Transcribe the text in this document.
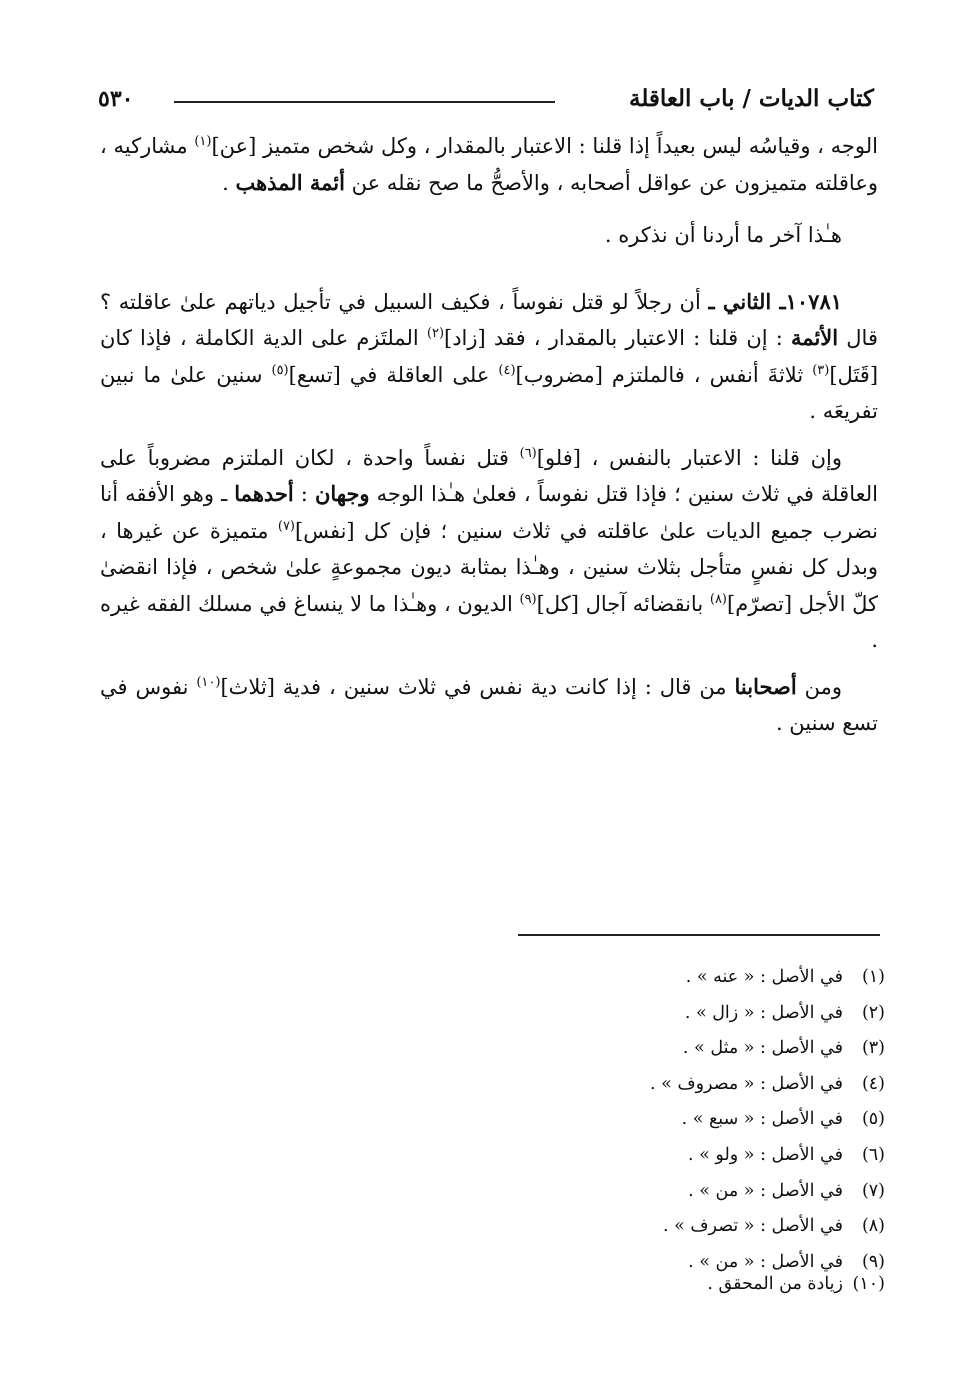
كتاب الديات / باب العاقلة
٥٣٠

الوجه ، وقياسُه ليس بعيداً إذا قلنا : الاعتبار بالمقدار ، وكل شخص متميز [عن]$^{(١)}$ مشاركيه ، وعاقلته متميزون عن عواقل أصحابه ، والأصحُّ ما صح نقله عن أئمة المذهب .

هـٰذا آخر ما أردنا أن نذكره .

١٠٧٨١ـ الثاني ـ أن رجلاً لو قتل نفوساً ، فكيف السبيل في تأجيل دياتهم علىٰ عاقلته ؟ قال الأئمة : إن قلنا : الاعتبار بالمقدار ، فقد [زاد]$^{(٢)}$ الملتَزم على الدية الكاملة ، فإذا كان [قَتَل]$^{(٣)}$ ثلاثةَ أنفس ، فالملتزم [مضروب]$^{(٤)}$ على العاقلة في [تسع]$^{(٥)}$ سنين علىٰ ما نبين تفريعَه .

وإن قلنا : الاعتبار بالنفس ، [فلو]$^{(٦)}$ قتل نفساً واحدة ، لكان الملتزم مضروباً على العاقلة في ثلاث سنين ؛ فإذا قتل نفوساً ، فعلىٰ هـٰذا الوجه وجهان : أحدهما ـ وهو الأفقه أنا نضرب جميع الديات علىٰ عاقلته في ثلاث سنين ؛ فإن كل [نفس]$^{(٧)}$ متميزة عن غيرها ، وبدل كل نفسٍ متأجل بثلاث سنين ، وهـٰذا بمثابة ديون مجموعةٍ علىٰ شخص ، فإذا انقضىٰ كلّ الأجل [تصرّم]$^{(٨)}$ بانقضائه آجال [كل]$^{(٩)}$ الديون ، وهـٰذا ما لا ينساغ في مسلك الفقه غيره .

ومن أصحابنا من قال : إذا كانت دية نفس في ثلاث سنين ، فدية [ثلاث]$^{(١٠)}$ نفوس في تسع سنين .

(١)في الأصل : « عنه » .
(٢)في الأصل : « زال » .
(٣)في الأصل : « مثل » .
(٤)في الأصل : « مصروف » .
(٥)في الأصل : « سبع » .
(٦)في الأصل : « ولو » .
(٧)في الأصل : « من » .
(٨)في الأصل : « تصرف » .
(٩)في الأصل : « من » .
(١٠)زيادة من المحقق .
